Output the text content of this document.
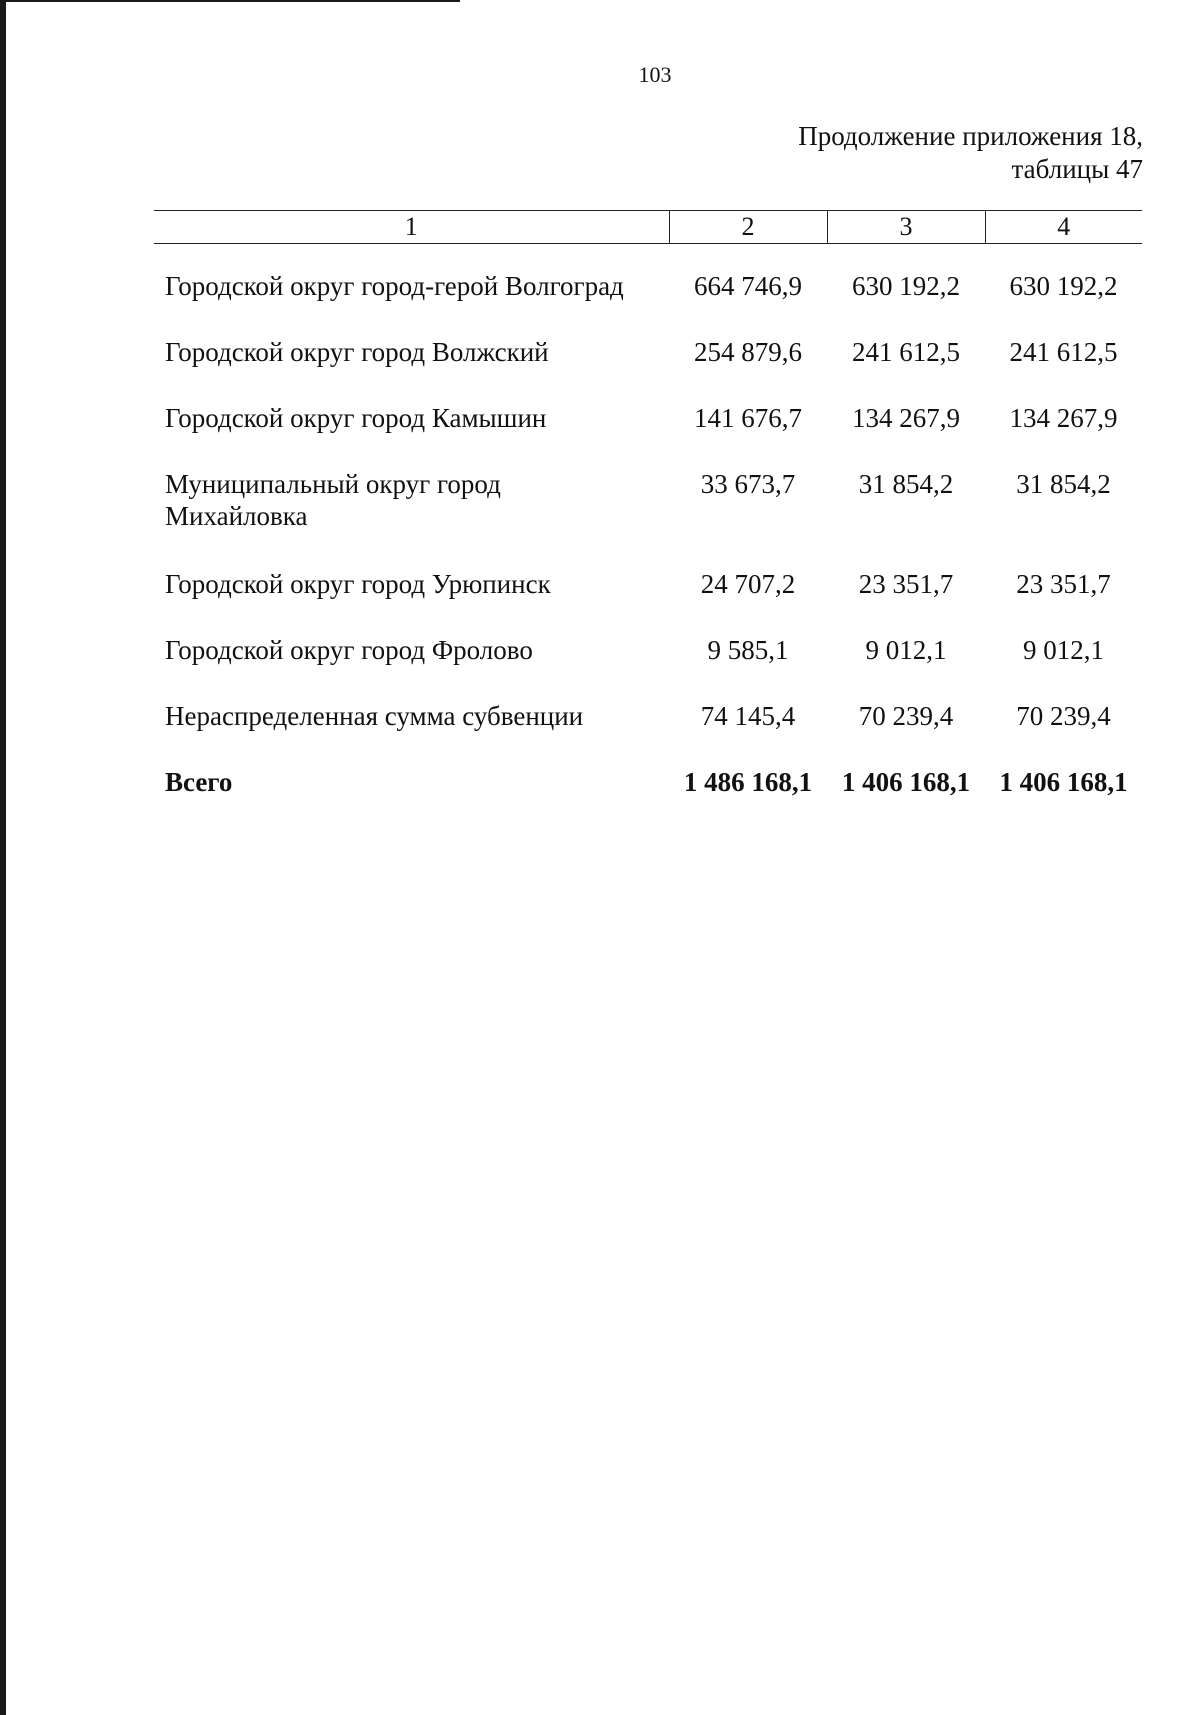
103
Продолжение приложения 18,
таблицы 47
1	2	3	4

Городской округ город-герой Волгоград	664 746,9	630 192,2	630 192,2
Городской округ город Волжский	254 879,6	241 612,5	241 612,5
Городской округ город Камышин	141 676,7	134 267,9	134 267,9

Муниципальный округ город
Михайловка	33 673,7	31 854,2	31 854,2
Городской округ город Урюпинск	24 707,2	23 351,7	23 351,7
Городской округ город Фролово	9 585,1	9 012,1	9 012,1
Нераспределенная сумма субвенции	74 145,4	70 239,4	70 239,4
Всего	1 486 168,1	1 406 168,1	1 406 168,1
